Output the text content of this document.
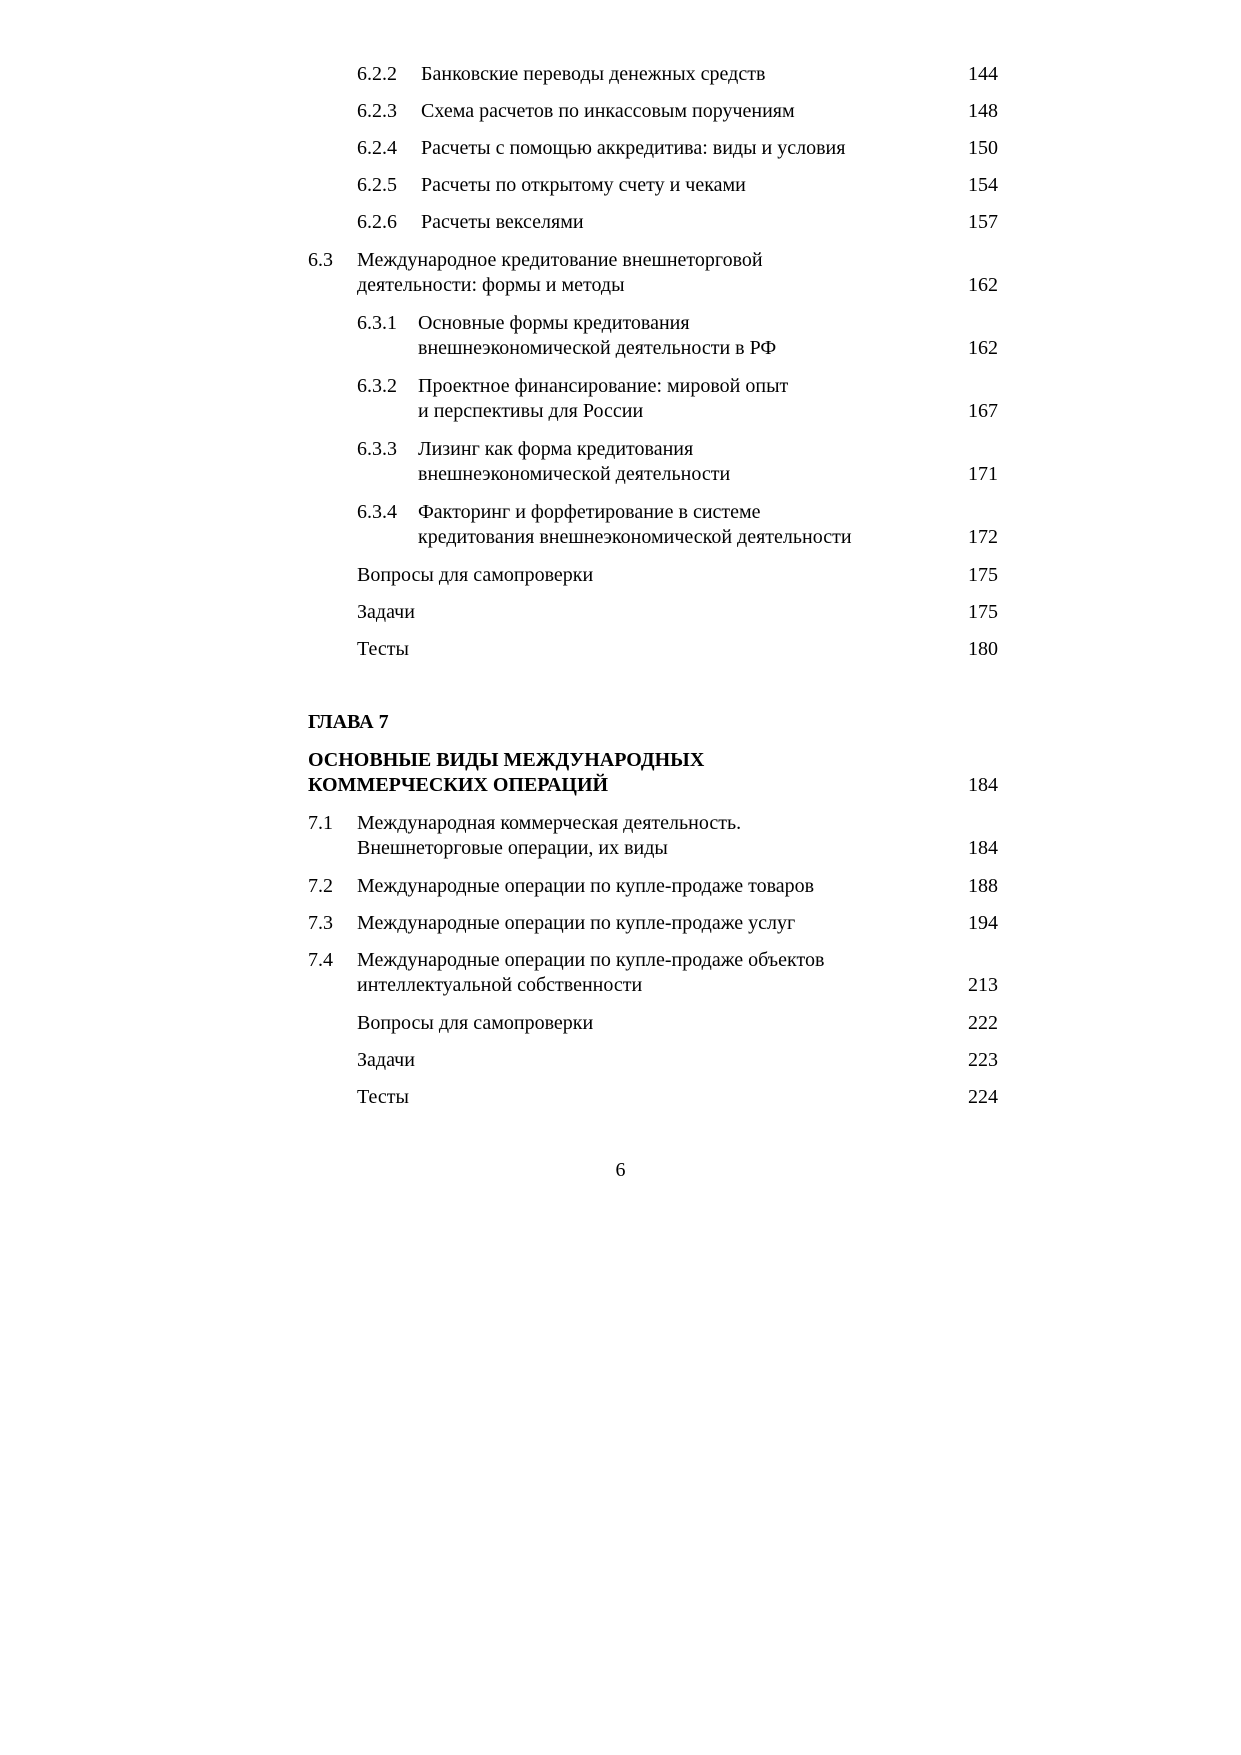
6.2.2 Банковские переводы денежных средств	144
6.2.3 Схема расчетов по инкассовым поручениям	148
6.2.4 Расчеты с помощью аккредитива: виды и условия	150
6.2.5 Расчеты по открытому счету и чеками	154
6.2.6 Расчеты векселями	157
6.3 Международное кредитование внешнеторговой
деятельности: формы и методы	162
6.3.1 Основные формы кредитования
внешнеэкономической деятельности в РФ	162
6.3.2 Проектное финансирование: мировой опыт
и перспективы для России	167
6.3.3 Лизинг как форма кредитования
внешнеэкономической деятельности	171
6.3.4 Факторинг и форфетирование в системе
кредитования внешнеэкономической деятельности	172
Вопросы для самопроверки	175
Задачи	175
Тесты	180
ГЛАВА 7
ОСНОВНЫЕ ВИДЫ МЕЖДУНАРОДНЫХ
КОММЕРЧЕСКИХ ОПЕРАЦИЙ	184
7.1 Международная коммерческая деятельность.
Внешнеторговые операции, их виды	184
7.2 Международные операции по купле-продаже товаров	188
7.3 Международные операции по купле-продаже услуг	194
7.4 Международные операции по купле-продаже объектов
интеллектуальной собственности	213
Вопросы для самопроверки	222
Задачи	223
Тесты	224
6
